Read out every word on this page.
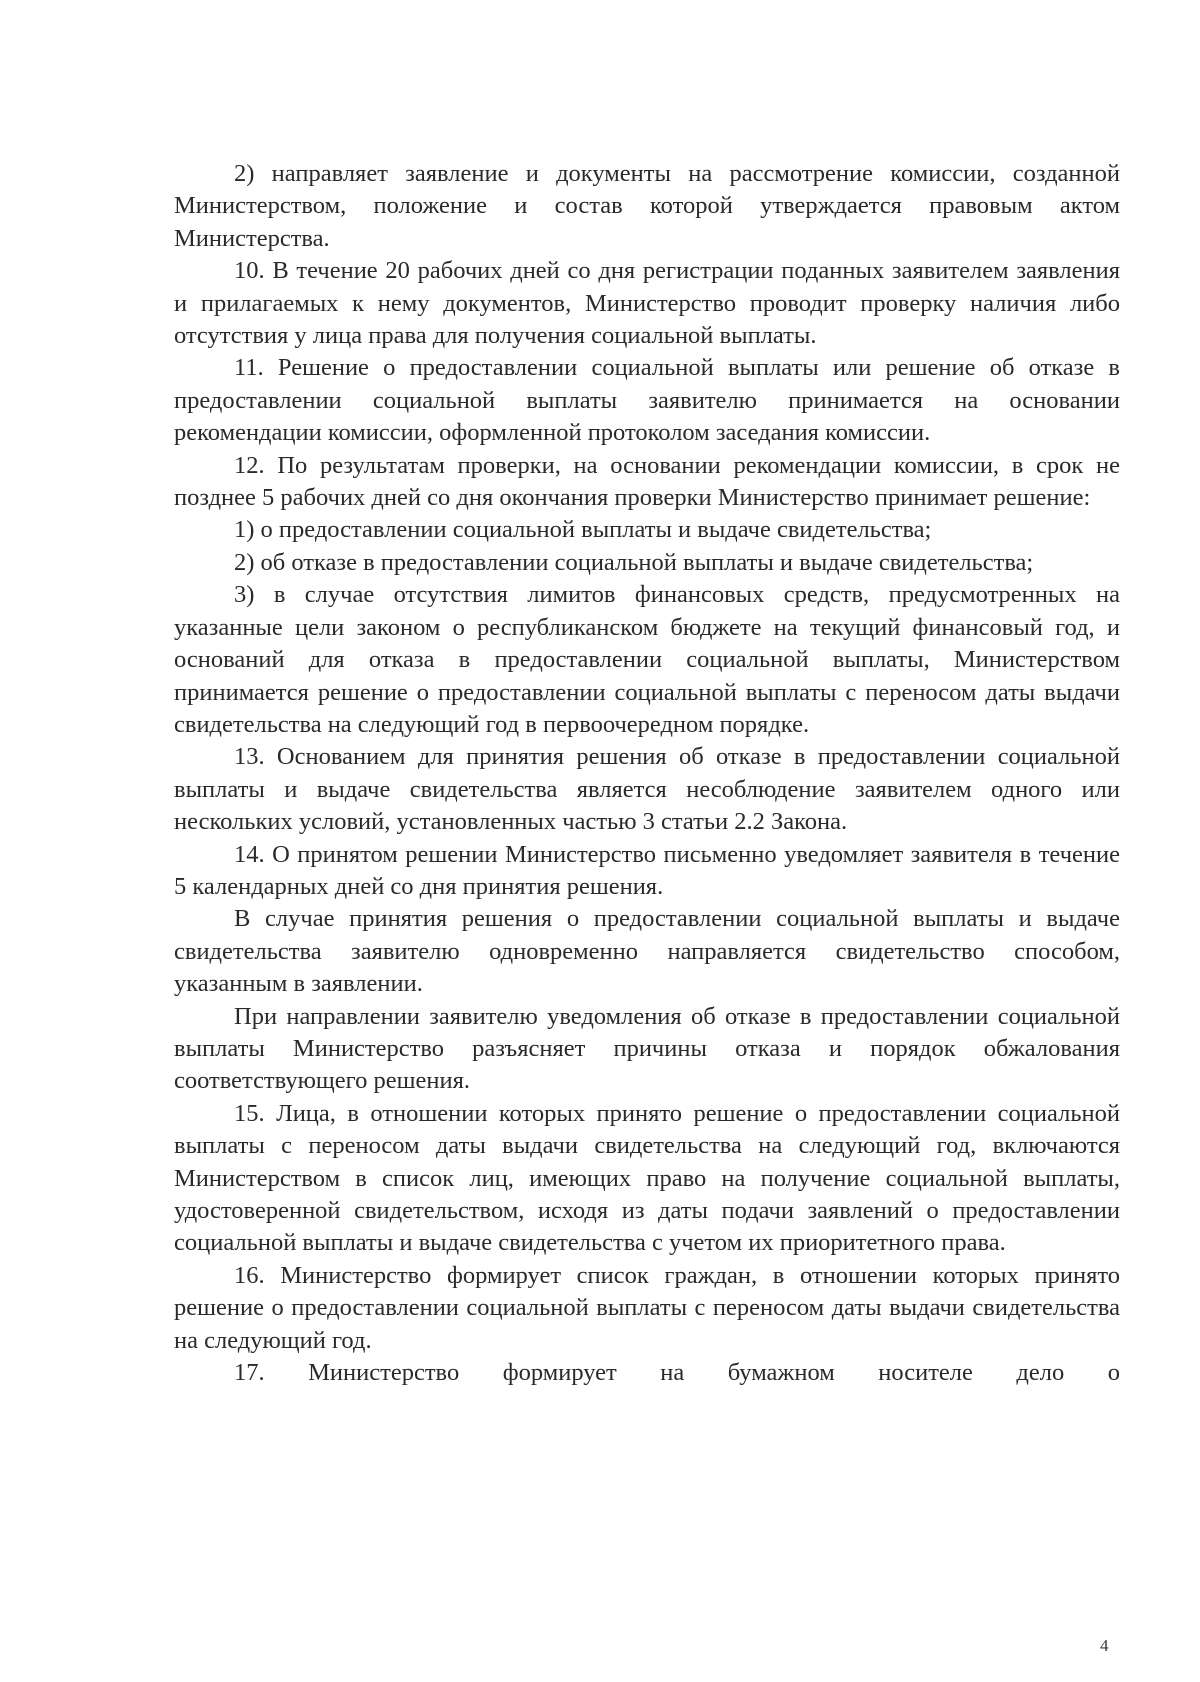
2) направляет заявление и документы на рассмотрение комиссии, созданной Министерством, положение и состав которой утверждается правовым актом Министерства.

10. В течение 20 рабочих дней со дня регистрации поданных заявителем заявления и прилагаемых к нему документов, Министерство проводит проверку наличия либо отсутствия у лица права для получения социальной выплаты.

11. Решение о предоставлении социальной выплаты или решение об отказе в предоставлении социальной выплаты заявителю принимается на основании рекомендации комиссии, оформленной протоколом заседания комиссии.

12. По результатам проверки, на основании рекомендации комиссии, в срок не позднее 5 рабочих дней со дня окончания проверки Министерство принимает решение:

1) о предоставлении социальной выплаты и выдаче свидетельства;

2) об отказе в предоставлении социальной выплаты и выдаче свидетельства;

3) в случае отсутствия лимитов финансовых средств, предусмотренных на указанные цели законом о республиканском бюджете на текущий финансовый год, и оснований для отказа в предоставлении социальной выплаты, Министерством принимается решение о предоставлении социальной выплаты с переносом даты выдачи свидетельства на следующий год в первоочередном порядке.

13. Основанием для принятия решения об отказе в предоставлении социальной выплаты и выдаче свидетельства является несоблюдение заявителем одного или нескольких условий, установленных частью 3 статьи 2.2 Закона.

14. О принятом решении Министерство письменно уведомляет заявителя в течение 5 календарных дней со дня принятия решения.

В случае принятия решения о предоставлении социальной выплаты и выдаче свидетельства заявителю одновременно направляется свидетельство способом, указанным в заявлении.

При направлении заявителю уведомления об отказе в предоставлении социальной выплаты Министерство разъясняет причины отказа и порядок обжалования соответствующего решения.

15. Лица, в отношении которых принято решение о предоставлении социальной выплаты с переносом даты выдачи свидетельства на следующий год, включаются Министерством в список лиц, имеющих право на получение социальной выплаты, удостоверенной свидетельством, исходя из даты подачи заявлений о предоставлении социальной выплаты и выдаче свидетельства с учетом их приоритетного права.

16. Министерство формирует список граждан, в отношении которых принято решение о предоставлении социальной выплаты с переносом даты выдачи свидетельства на следующий год.

17. Министерство формирует на бумажном носителе дело о

4
